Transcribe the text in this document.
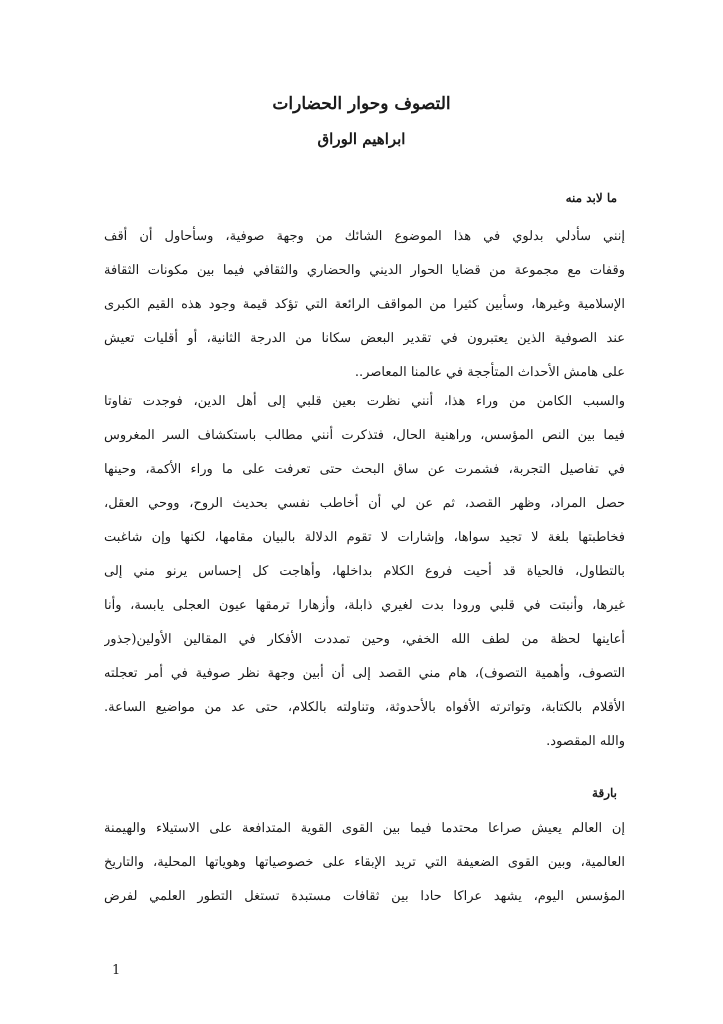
التصوف وحوار الحضارات
ابراهيم الوراق
ما لابد منه
إنني سأدلي بدلوي في هذا الموضوع الشائك من وجهة صوفية، وسأحاول أن أقف
وقفات مع مجموعة من قضايا الحوار الديني والحضاري والثقافي فيما بين مكونات الثقافة
الإسلامية وغيرها، وسأبين كثيرا من المواقف الرائعة التي تؤكد قيمة وجود هذه القيم الكبرى
عند الصوفية الذين يعتبرون في تقدير البعض سكانا من الدرجة الثانية، أو أقليات تعيش
على هامش الأحداث المتأججة في عالمنا المعاصر..
والسبب الكامن من وراء هذا، أنني نظرت بعين قلبي إلى أهل الدين، فوجدت تفاوتا
فيما بين النص المؤسس، وراهنية الحال، فتذكرت أنني مطالب باستكشاف السر المغروس
في تفاصيل التجربة، فشمرت عن ساق البحث حتى تعرفت على ما وراء الأكمة، وحينها
حصل المراد، وظهر القصد، ثم عن لي أن أخاطب نفسي بحديث الروح، ووحي العقل،
فخاطبتها بلغة لا تجيد سواها، وإشارات لا تقوم الدلالة بالبيان مقامها، لكنها وإن شاغبت
بالتطاول، فالحياة قد أحيت فروع الكلام بداخلها، وأهاجت كل إحساس يرنو مني إلى
غيرها، وأنبتت في قلبي ورودا بدت لغيري ذابلة، وأزهارا ترمقها عيون العجلى يابسة، وأنا
أعاينها لحظة من لطف الله الخفي، وحين تمددت الأفكار في المقالين الأولين(جذور
التصوف، وأهمية التصوف)، هام مني القصد إلى أن أبين وجهة نظر صوفية في أمر تعجلته
الأقلام بالكتابة، وتواترته الأفواه بالأحدوثة، وتناولته بالكلام، حتى عد من مواضيع الساعة.
والله المقصود.
بارقة
إن العالم يعيش صراعا محتدما فيما بين القوى القوية المتدافعة على الاستيلاء والهيمنة
العالمية، وبين القوى الضعيفة التي تريد الإبقاء على خصوصياتها وهوياتها المحلية، والتاريخ
المؤسس اليوم، يشهد عراكا حادا بين ثقافات مستبدة تستغل التطور العلمي لفرض
1
